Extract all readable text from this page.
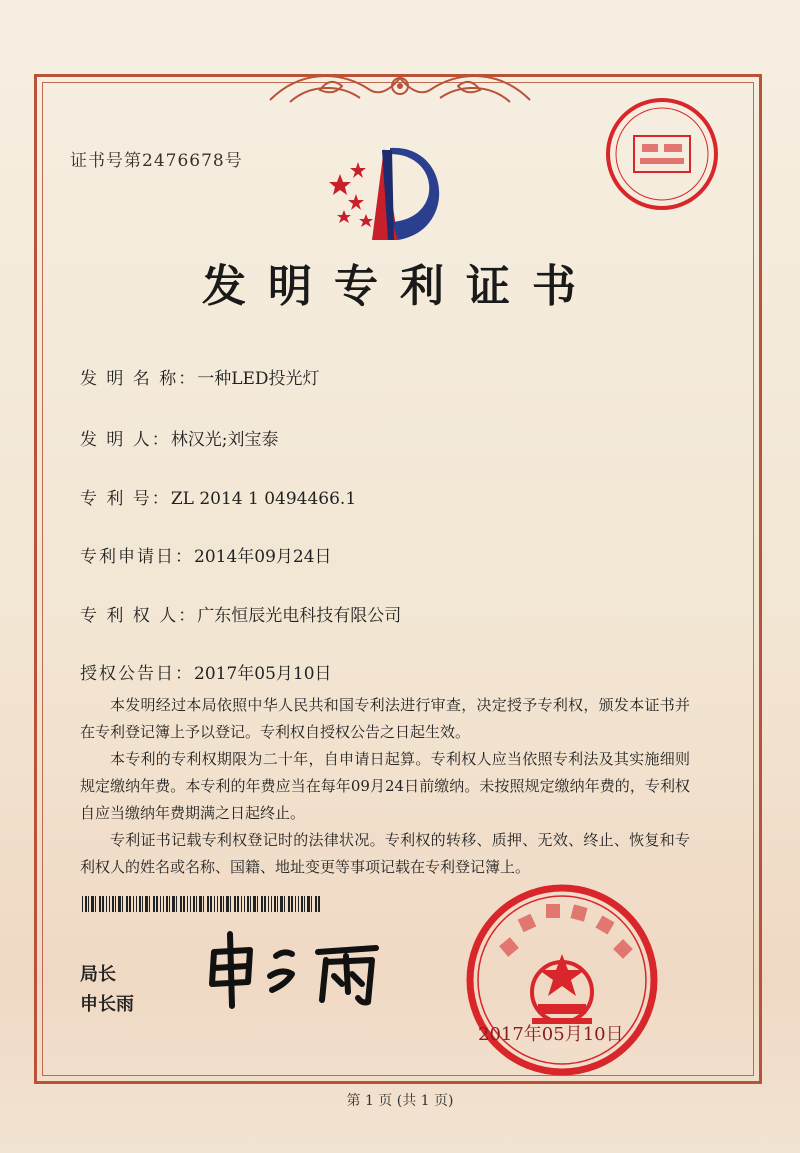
证书号第2476678号
发明专利证书
发 明 名 称：一种LED投光灯
发 明 人：林汉光;刘宝泰
专 利 号：ZL 2014 1 0494466.1
专利申请日：2014年09月24日
专 利 权 人：广东恒辰光电科技有限公司
授权公告日：2017年05月10日

本发明经过本局依照中华人民共和国专利法进行审查，决定授予专利权，颁发本证书并在专利登记簿上予以登记。专利权自授权公告之日起生效。

本专利的专利权期限为二十年，自申请日起算。专利权人应当依照专利法及其实施细则规定缴纳年费。本专利的年费应当在每年09月24日前缴纳。未按照规定缴纳年费的，专利权自应当缴纳年费期满之日起终止。

专利证书记载专利权登记时的法律状况。专利权的转移、质押、无效、终止、恢复和专利权人的姓名或名称、国籍、地址变更等事项记载在专利登记簿上。

局长
申长雨
2017年05月10日
第 1 页 (共 1 页)
